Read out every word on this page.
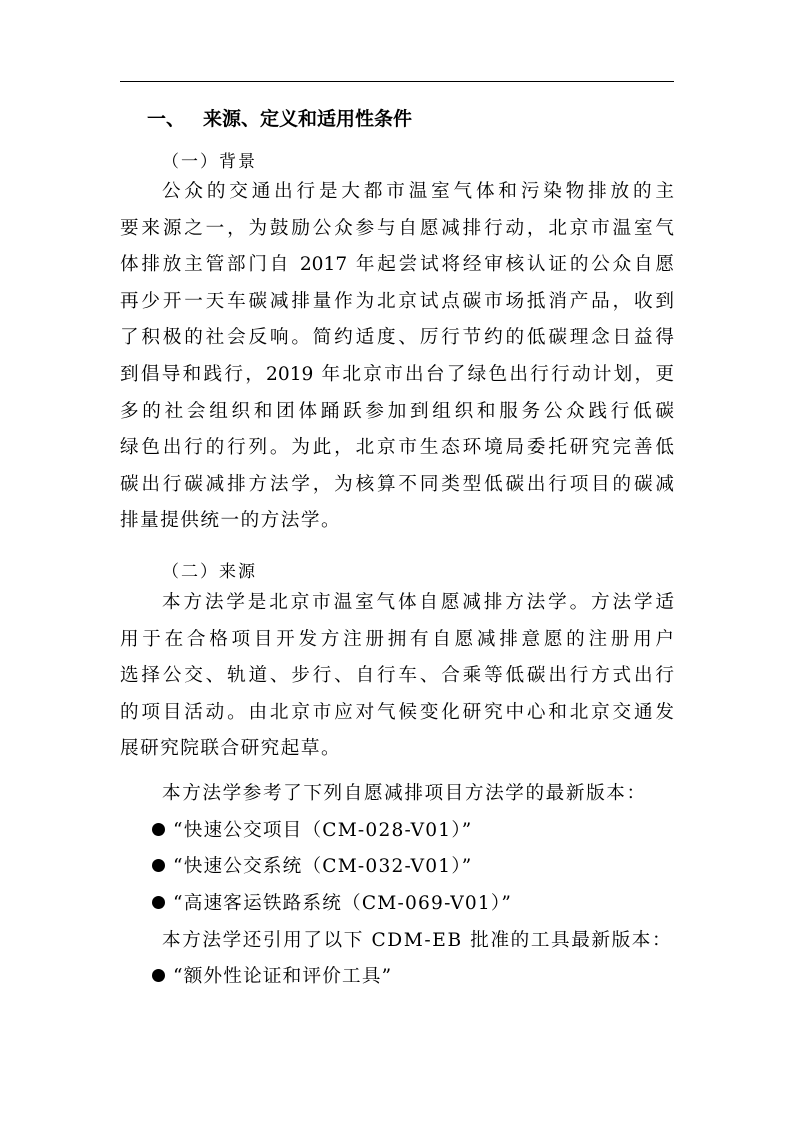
一、 来源、定义和适用性条件
（一）背景
公众的交通出行是大都市温室气体和污染物排放的主
要来源之一，为鼓励公众参与自愿减排行动，北京市温室气
体排放主管部门自 2017 年起尝试将经审核认证的公众自愿
再少开一天车碳减排量作为北京试点碳市场抵消产品，收到
了积极的社会反响。简约适度、厉行节约的低碳理念日益得
到倡导和践行，2019 年北京市出台了绿色出行行动计划，更
多的社会组织和团体踊跃参加到组织和服务公众践行低碳
绿色出行的行列。为此，北京市生态环境局委托研究完善低
碳出行碳减排方法学，为核算不同类型低碳出行项目的碳减
排量提供统一的方法学。
（二）来源
本方法学是北京市温室气体自愿减排方法学。方法学适
用于在合格项目开发方注册拥有自愿减排意愿的注册用户
选择公交、轨道、步行、自行车、合乘等低碳出行方式出行
的项目活动。由北京市应对气候变化研究中心和北京交通发
展研究院联合研究起草。
本方法学参考了下列自愿减排项目方法学的最新版本：
“快速公交项目（CM-028-V01）”
“快速公交系统（CM-032-V01）”
“高速客运铁路系统（CM-069-V01）”
本方法学还引用了以下 CDM-EB 批准的工具最新版本：
“额外性论证和评价工具”
